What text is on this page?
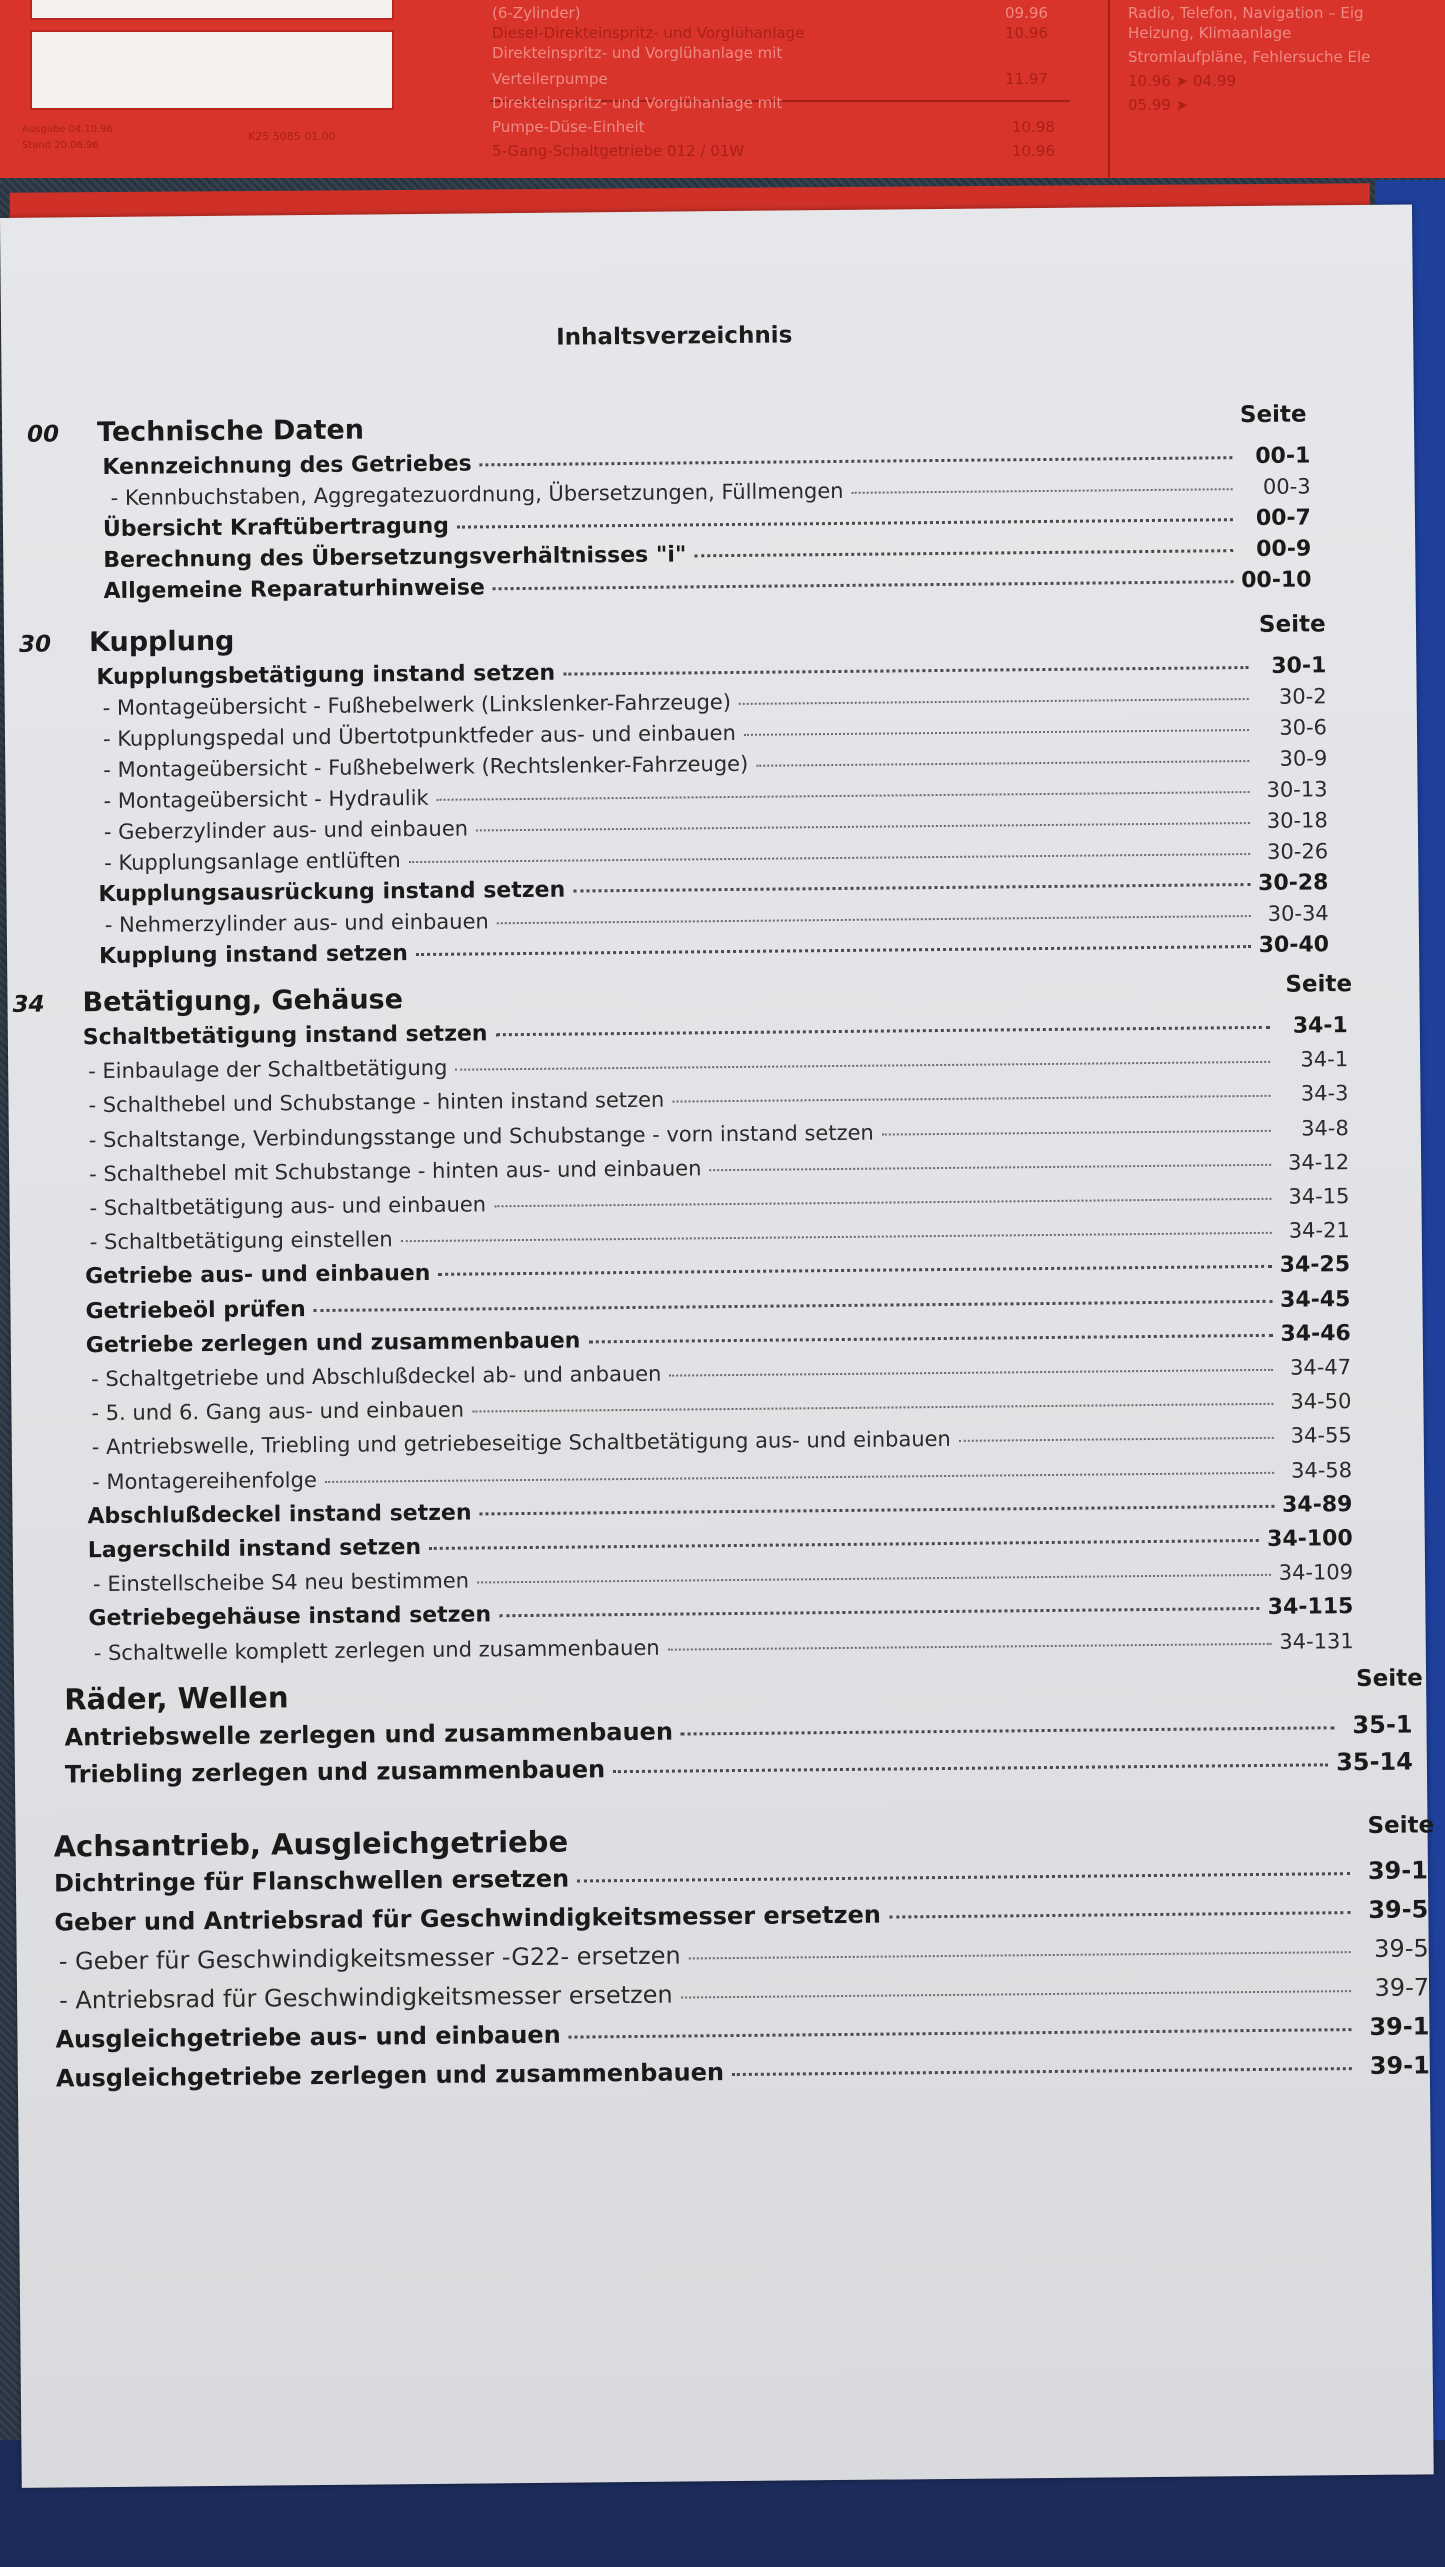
(6-Zylinder)	09.96
Diesel-Direkteinspritz- und Vorglühanlage	10.96
Direkteinspritz- und Vorglühanlage mit
Verteilerpumpe	11.97
Direkteinspritz- und Vorglühanlage mit
Pumpe-Düse-Einheit	10.98
5-Gang-Schaltgetriebe 012 / 01W	10.96
Radio, Telefon, Navigation – Eig
Heizung, Klimaanlage
Stromlaufpläne, Fehlersuche Ele
10.96 ➤ 04.99
05.99 ➤
K25 5085 01.00
Ausgabe 04.10.96
Stand 20.06.96
Inhaltsverzeichnis
00	Technische Daten	Seite
Kennzeichnung des Getriebes	00-1
- Kennbuchstaben, Aggregatezuordnung, Übersetzungen, Füllmengen	00-3
Übersicht Kraftübertragung	00-7
Berechnung des Übersetzungsverhältnisses "i"	00-9
Allgemeine Reparaturhinweise	00-10
30	Kupplung
Seite
Kupplungsbetätigung instand setzen	30-1
- Montageübersicht - Fußhebelwerk (Linkslenker-Fahrzeuge)	30-2
- Kupplungspedal und Übertotpunktfeder aus- und einbauen	30-6
- Montageübersicht - Fußhebelwerk (Rechtslenker-Fahrzeuge)	30-9
- Montageübersicht - Hydraulik	30-13
- Geberzylinder aus- und einbauen	30-18
- Kupplungsanlage entlüften	30-26
Kupplungsausrückung instand setzen	30-28
- Nehmerzylinder aus- und einbauen	30-34
Kupplung instand setzen	30-40
34	Betätigung, Gehäuse	Seite
Schaltbetätigung instand setzen	34-1
- Einbaulage der Schaltbetätigung	34-1
- Schalthebel und Schubstange - hinten instand setzen	34-3
- Schaltstange, Verbindungsstange und Schubstange - vorn instand setzen	34-8
- Schalthebel mit Schubstange - hinten aus- und einbauen	34-12
- Schaltbetätigung aus- und einbauen	34-15
- Schaltbetätigung einstellen	34-21
Getriebe aus- und einbauen	34-25
Getriebeöl prüfen	34-45
Getriebe zerlegen und zusammenbauen	34-46
- Schaltgetriebe und Abschlußdeckel ab- und anbauen	34-47
- 5. und 6. Gang aus- und einbauen	34-50
- Antriebswelle, Triebling und getriebeseitige Schaltbetätigung aus- und einbauen	34-55
- Montagereihenfolge	34-58
Abschlußdeckel instand setzen	34-89
Lagerschild instand setzen	34-100
- Einstellscheibe S4 neu bestimmen	34-109
Getriebegehäuse instand setzen	34-115
- Schaltwelle komplett zerlegen und zusammenbauen	34-131
Räder, Wellen
Seite
Antriebswelle zerlegen und zusammenbauen	35-1
Triebling zerlegen und zusammenbauen	35-14
Achsantrieb, Ausgleichgetriebe	Seite
Dichtringe für Flanschwellen ersetzen	39-1
Geber und Antriebsrad für Geschwindigkeitsmesser ersetzen	39-5
- Geber für Geschwindigkeitsmesser -G22- ersetzen	39-5
- Antriebsrad für Geschwindigkeitsmesser ersetzen	39-7
Ausgleichgetriebe aus- und einbauen	39-1
Ausgleichgetriebe zerlegen und zusammenbauen	39-1
